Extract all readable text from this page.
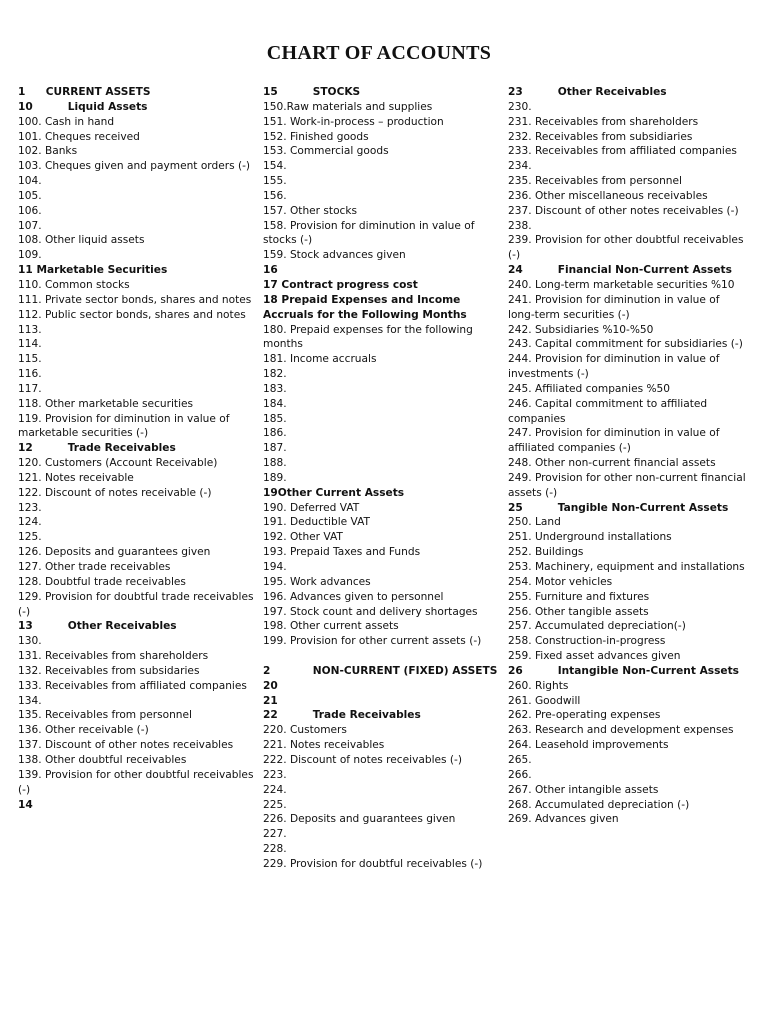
CHART OF ACCOUNTS
1 CURRENT ASSETS
10	Liquid Assets
100. Cash in hand
101. Cheques received
102. Banks
103. Cheques given and payment orders (-)
104.
105.
106.
107.
108. Other liquid assets
109.
11 Marketable Securities
110. Common stocks
111. Private sector bonds, shares and notes
112. Public sector bonds, shares and notes
113.
114.
115.
116.
117.
118. Other marketable securities
119. Provision for diminution in value of marketable securities (-)
12	Trade Receivables
120. Customers (Account Receivable)
121. Notes receivable
122. Discount of notes receivable (-)
123.
124.
125.
126. Deposits and guarantees given
127. Other trade receivables
128. Doubtful trade receivables
129. Provision for doubtful trade receivables (-)
13	Other Receivables
130.
131. Receivables from shareholders
132. Receivables from subsidaries
133. Receivables from affiliated companies
134.
135. Receivables from personnel
136. Other receivable (-)
137. Discount of other notes receivables
138. Other doubtful receivables
139. Provision for other doubtful receivables (-)
14
15	STOCKS
150.Raw materials and supplies
151. Work-in-process – production
152. Finished goods
153. Commercial goods
154.
155.
156.
157. Other stocks
158. Provision for diminution in value of stocks (-)
159. Stock advances given
16
17 Contract progress cost
18 Prepaid Expenses and Income Accruals for the Following Months
180. Prepaid expenses for the following months
181. Income accruals
182.
183.
184.
185.
186.
187.
188.
189.
19Other Current Assets
190. Deferred VAT
191. Deductible VAT
192. Other VAT
193. Prepaid Taxes and Funds
194.
195. Work advances
196. Advances given to personnel
197. Stock count and delivery shortages
198. Other current assets
199. Provision for other current assets (-)
2	NON-CURRENT (FIXED) ASSETS
20
21
22	Trade Receivables
220. Customers
221. Notes receivables
222. Discount of notes receivables (-)
223.
224.
225.
226. Deposits and guarantees given
227.
228.
229. Provision for doubtful receivables (-)
23	Other Receivables
230.
231. Receivables from shareholders
232. Receivables from subsidiaries
233. Receivables from affiliated companies
234.
235. Receivables from personnel
236. Other miscellaneous receivables
237. Discount of other notes receivables (-)
238.
239. Provision for other doubtful receivables (-)
24	Financial Non-Current Assets
240. Long-term marketable securities %10
241. Provision for diminution in value of long-term securities (-)
242. Subsidiaries %10-%50
243. Capital commitment for subsidiaries (-)
244. Provision for diminution in value of investments (-)
245. Affiliated companies %50
246. Capital commitment to affiliated companies
247. Provision for diminution in value of affiliated companies (-)
248. Other non-current financial assets
249. Provision for other non-current financial assets (-)
25	Tangible Non-Current Assets
250. Land
251. Underground installations
252. Buildings
253. Machinery, equipment and installations
254. Motor vehicles
255. Furniture and fixtures
256. Other tangible assets
257. Accumulated depreciation(-)
258. Construction-in-progress
259. Fixed asset advances given
26	Intangible Non-Current Assets
260. Rights
261. Goodwill
262. Pre-operating expenses
263. Research and development expenses
264. Leasehold improvements
265.
266.
267. Other intangible assets
268. Accumulated depreciation (-)
269. Advances given
